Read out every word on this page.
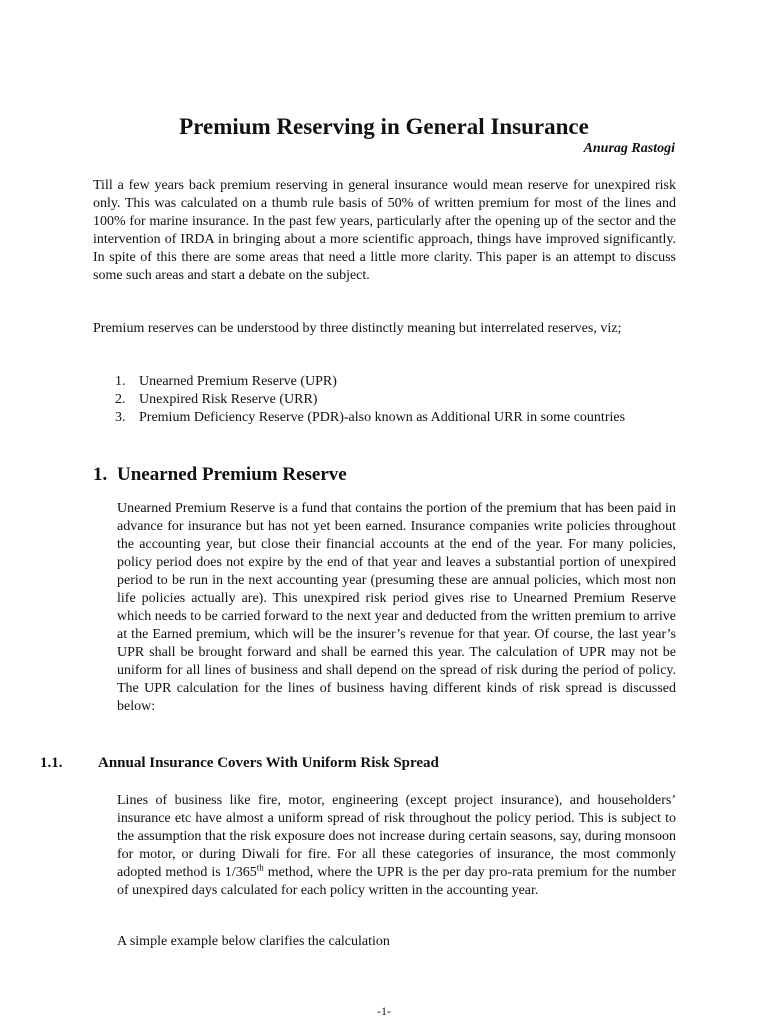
Premium Reserving in General Insurance

Anurag Rastogi

Till a few years back premium reserving in general insurance would mean reserve for unexpired risk only. This was calculated on a thumb rule basis of 50% of written premium for most of the lines and 100% for marine insurance. In the past few years, particularly after the opening up of the sector and the intervention of IRDA in bringing about a more scientific approach, things have improved significantly. In spite of this there are some areas that need a little more clarity. This paper is an attempt to discuss some such areas and start a debate on the subject.

Premium reserves can be understood by three distinctly meaning but interrelated reserves, viz;

1. Unearned Premium Reserve (UPR)
2. Unexpired Risk Reserve (URR)
3. Premium Deficiency Reserve (PDR)-also known as Additional URR in some countries
1. Unearned Premium Reserve

Unearned Premium Reserve is a fund that contains the portion of the premium that has been paid in advance for insurance but has not yet been earned. Insurance companies write policies throughout the accounting year, but close their financial accounts at the end of the year. For many policies, policy period does not expire by the end of that year and leaves a substantial portion of unexpired period to be run in the next accounting year (presuming these are annual policies, which most non life policies actually are). This unexpired risk period gives rise to Unearned Premium Reserve which needs to be carried forward to the next year and deducted from the written premium to arrive at the Earned premium, which will be the insurer’s revenue for that year. Of course, the last year’s UPR shall be brought forward and shall be earned this year. The calculation of UPR may not be uniform for all lines of business and shall depend on the spread of risk during the period of policy. The UPR calculation for the lines of business having different kinds of risk spread is discussed below:

1.1. Annual Insurance Covers With Uniform Risk Spread

Lines of business like fire, motor, engineering (except project insurance), and householders’ insurance etc have almost a uniform spread of risk throughout the policy period. This is subject to the assumption that the risk exposure does not increase during certain seasons, say, during monsoon for motor, or during Diwali for fire. For all these categories of insurance, the most commonly adopted method is 1/365th method, where the UPR is the per day pro-rata premium for the number of unexpired days calculated for each policy written in the accounting year.

A simple example below clarifies the calculation

-1-
